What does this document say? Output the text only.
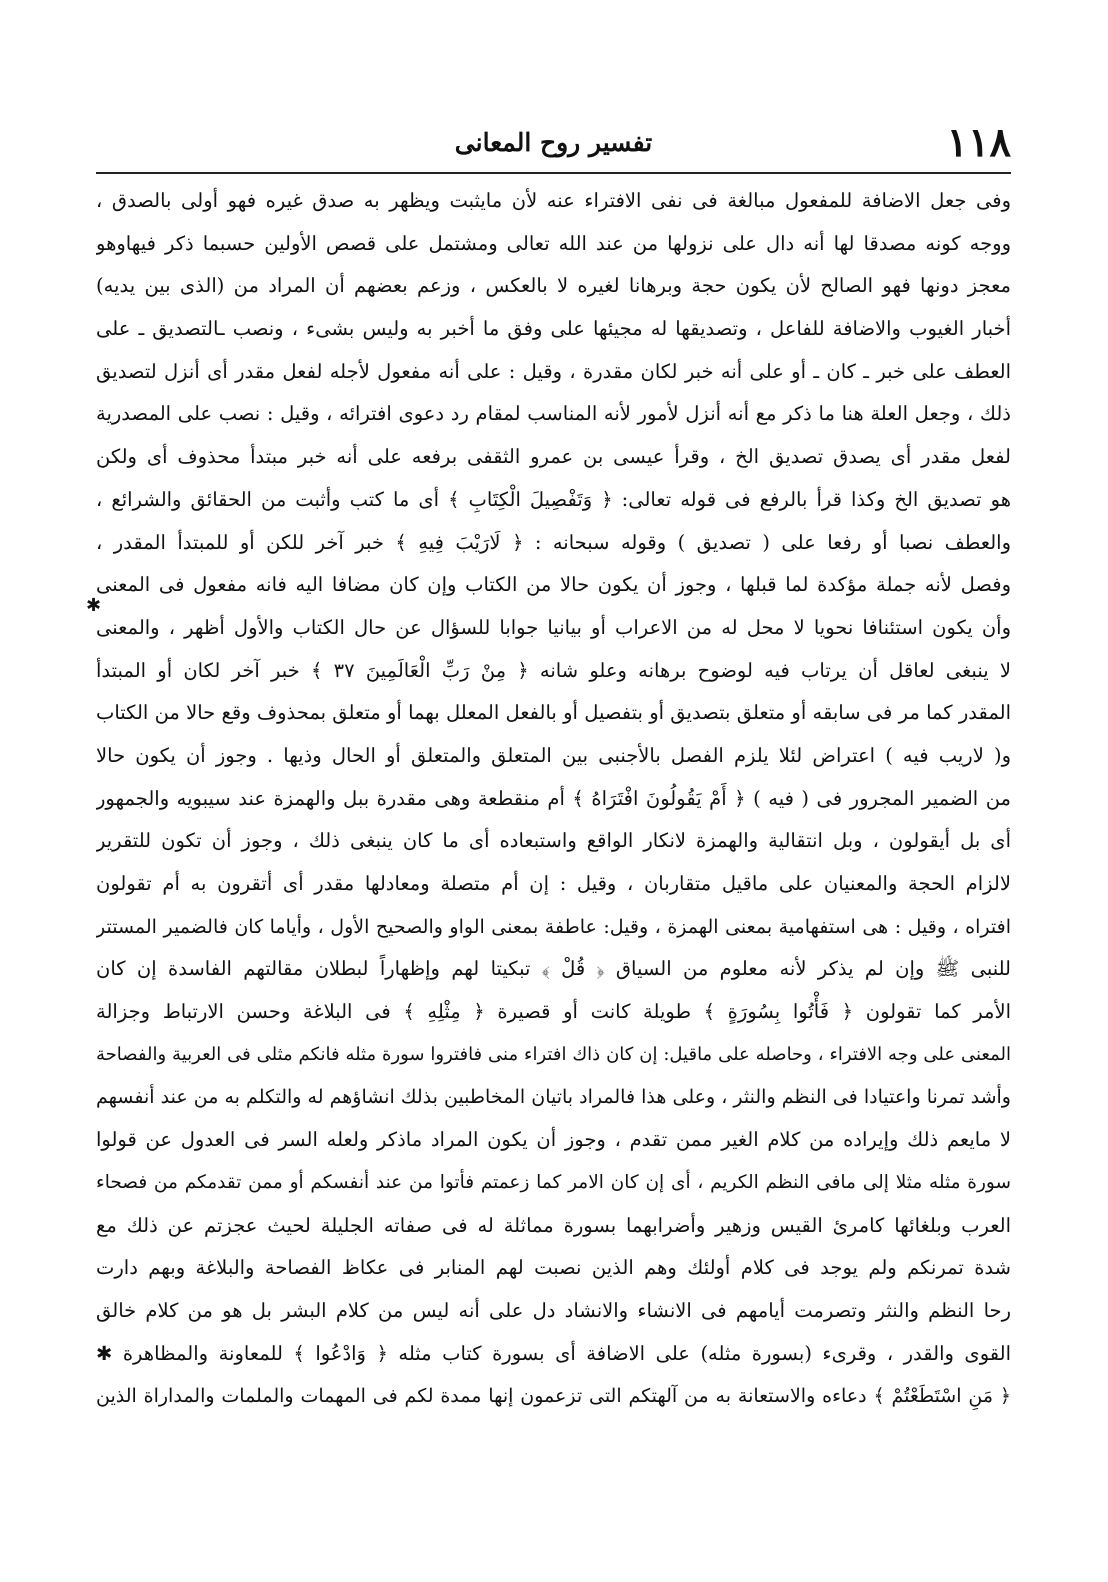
١١٨
تفسير روح المعانى
✱
وفى جعل الاضافة للمفعول مبالغة فى نفى الافتراء عنه لأن مايثبت ويظهر به صدق غيره فهو أولى بالصدق ،
ووجه كونه مصدقا لها أنه دال على نزولها من عند الله تعالى ومشتمل على قصص الأولين حسبما ذكر فيهاوهو
معجز دونها فهو الصالح لأن يكون حجة وبرهانا لغيره لا بالعكس ، وزعم بعضهم أن المراد من (الذى بين يديه)
أخبار الغيوب والاضافة للفاعل ، وتصديقها له مجيئها على وفق ما أخبر به وليس بشىء ، ونصب ـالتصديق ـ على
العطف على خبر ـ كان ـ أو على أنه خبر لكان مقدرة ، وقيل : على أنه مفعول لأجله لفعل مقدر أى أنزل لتصديق
ذلك ، وجعل العلة هنا ما ذكر مع أنه أنزل لأمور لأنه المناسب لمقام رد دعوى افترائه ، وقيل : نصب على المصدرية
لفعل مقدر أى يصدق تصديق الخ ، وقرأ عيسى بن عمرو الثقفى برفعه على أنه خبر مبتدأ محذوف أى ولكن
هو تصديق الخ وكذا قرأ بالرفع فى قوله تعالى: ﴿ وَتَفْصِيلَ الْكِتَابِ ﴾ أى ما كتب وأثبت من الحقائق والشرائع ،
والعطف نصبا أو رفعا على ( تصديق ) وقوله سبحانه : ﴿ لَارَيْبَ فِيهِ ﴾ خبر آخر للكن أو للمبتدأ المقدر ،
وفصل لأنه جملة مؤكدة لما قبلها ، وجوز أن يكون حالا من الكتاب وإن كان مضافا اليه فانه مفعول فى المعنى
وأن يكون استئنافا نحويا لا محل له من الاعراب أو بيانيا جوابا للسؤال عن حال الكتاب والأول أظهر ، والمعنى
لا ينبغى لعاقل أن يرتاب فيه لوضوح برهانه وعلو شانه ﴿ مِنْ رَبِّ الْعَالَمِينَ ٣٧ ﴾ خبر آخر لكان أو المبتدأ
المقدر كما مر فى سابقه أو متعلق بتصديق أو بتفصيل أو بالفعل المعلل بهما أو متعلق بمحذوف وقع حالا من الكتاب
و( لاريب فيه ) اعتراض لئلا يلزم الفصل بالأجنبى بين المتعلق والمتعلق أو الحال وذيها . وجوز أن يكون حالا
من الضمير المجرور فى ( فيه ) ﴿ أَمْ يَقُولُونَ افْتَرَاهُ ﴾ أم منقطعة وهى مقدرة ببل والهمزة عند سيبويه والجمهور
أى بل أيقولون ، وبل انتقالية والهمزة لانكار الواقع واستبعاده أى ما كان ينبغى ذلك ، وجوز أن تكون للتقرير
لالزام الحجة والمعنيان على ماقيل متقاربان ، وقيل : إن أم متصلة ومعادلها مقدر أى أتقرون به أم تقولون
افتراه ، وقيل : هى استفهامية بمعنى الهمزة ، وقيل: عاطفة بمعنى الواو والصحيح الأول ، وأياما كان فالضمير المستتر
للنبى ﷺ وإن لم يذكر لأنه معلوم من السياق ﴿ قُلْ ﴾ تبكيتا لهم وإظهاراً لبطلان مقالتهم الفاسدة إن كان
الأمر كما تقولون ﴿ فَأْتُوا بِسُورَةٍ ﴾ طويلة كانت أو قصيرة ﴿ مِثْلِهِ ﴾ فى البلاغة وحسن الارتباط وجزالة
المعنى على وجه الافتراء ، وحاصله على ماقيل: إن كان ذاك افتراء منى فافتروا سورة مثله فانكم مثلى فى العربية والفصاحة
وأشد تمرنا واعتيادا فى النظم والنثر ، وعلى هذا فالمراد باتيان المخاطبين بذلك انشاؤهم له والتكلم به من عند أنفسهم
لا مايعم ذلك وإيراده من كلام الغير ممن تقدم ، وجوز أن يكون المراد ماذكر ولعله السر فى العدول عن قولوا
سورة مثله مثلا إلى مافى النظم الكريم ، أى إن كان الامر كما زعمتم فأتوا من عند أنفسكم أو ممن تقدمكم من فصحاء
العرب وبلغائها كامرئ القيس وزهير وأضرابهما بسورة مماثلة له فى صفاته الجليلة لحيث عجزتم عن ذلك مع
شدة تمرنكم ولم يوجد فى كلام أولئك وهم الذين نصبت لهم المنابر فى عكاظ الفصاحة والبلاغة وبهم دارت
رحا النظم والنثر وتصرمت أيامهم فى الانشاء والانشاد دل على أنه ليس من كلام البشر بل هو من كلام خالق
القوى والقدر ، وقرىء (بسورة مثله) على الاضافة أى بسورة كتاب مثله ﴿ وَادْعُوا ﴾ للمعاونة والمظاهرة ✱
﴿ مَنِ اسْتَطَعْتُمْ ﴾ دعاءه والاستعانة به من آلهتكم التى تزعمون إنها ممدة لكم فى المهمات والملمات والمداراة الذين
